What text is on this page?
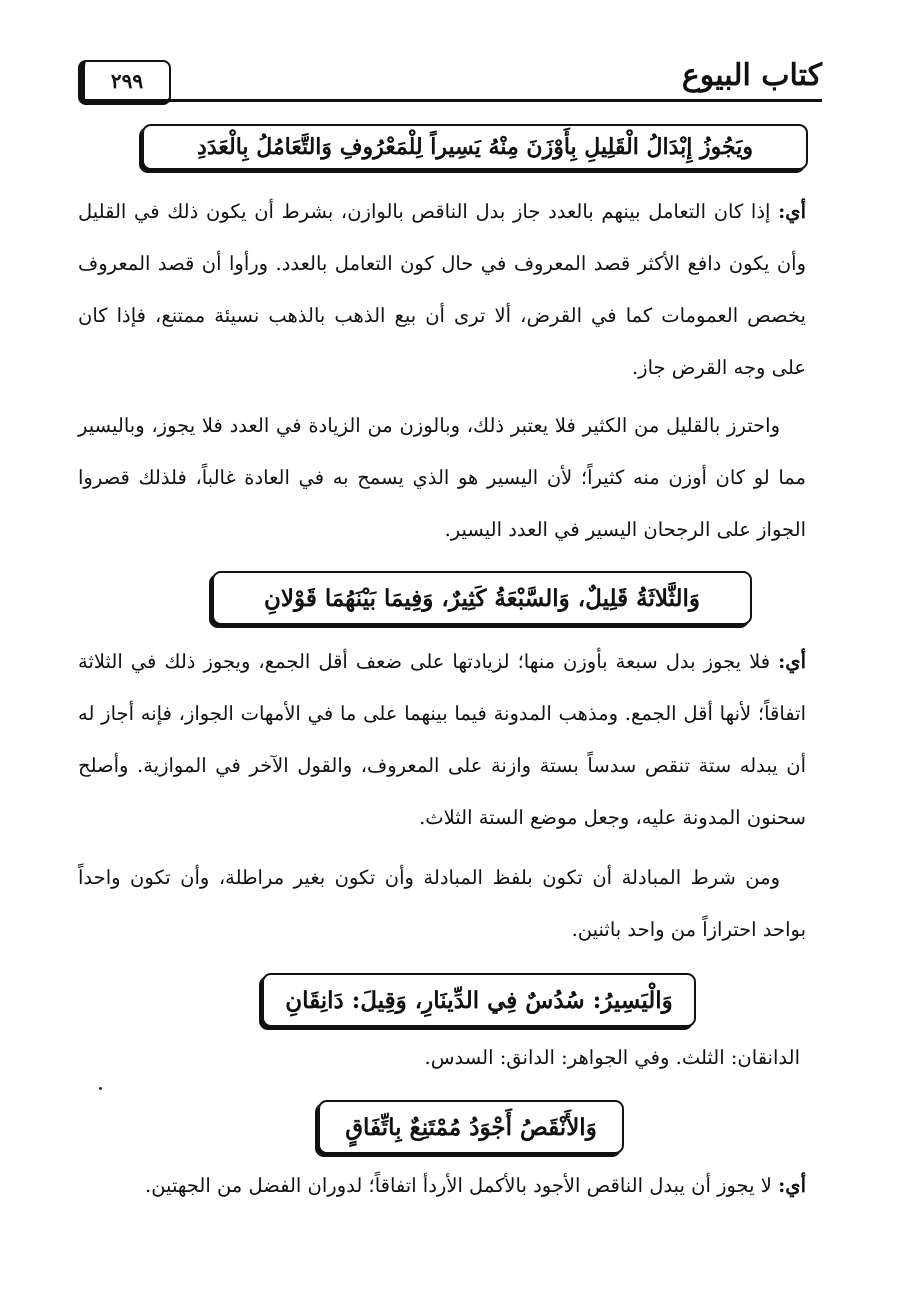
كتاب البيوع
٢٩٩
ويَجُوزُ إِبْدَالُ الْقَلِيلِ بِأَوْزَنَ مِنْهُ يَسِيراً لِلْمَعْرُوفِ وَالتَّعَامُلُ بِالْعَدَدِ
أي: إذا كان التعامل بينهم بالعدد جاز بدل الناقص بالوازن، بشرط أن يكون ذلك في القليل وأن يكون دافع الأكثر قصد المعروف في حال كون التعامل بالعدد. ورأوا أن قصد المعروف يخصص العمومات كما في القرض، ألا ترى أن بيع الذهب بالذهب نسيئة ممتنع، فإذا كان على وجه القرض جاز.
واحترز بالقليل من الكثير فلا يعتبر ذلك، وبالوزن من الزيادة في العدد فلا يجوز، وباليسير مما لو كان أوزن منه كثيراً؛ لأن اليسير هو الذي يسمح به في العادة غالباً، فلذلك قصروا الجواز على الرجحان اليسير في العدد اليسير.
وَالثَّلاثَةُ قَلِيلٌ، وَالسَّبْعَةُ كَثِيرٌ، وَفِيمَا بَيْنَهُمَا قَوْلانِ
أي: فلا يجوز بدل سبعة بأوزن منها؛ لزيادتها على ضعف أقل الجمع، ويجوز ذلك في الثلاثة اتفاقاً؛ لأنها أقل الجمع. ومذهب المدونة فيما بينهما على ما في الأمهات الجواز، فإنه أجاز له أن يبدله ستة تنقص سدساً بستة وازنة على المعروف، والقول الآخر في الموازية. وأصلح سحنون المدونة عليه، وجعل موضع الستة الثلاث.
ومن شرط المبادلة أن تكون بلفظ المبادلة وأن تكون بغير مراطلة، وأن تكون واحداً بواحد احترازاً من واحد باثنين.
وَالْيَسِيرُ: سُدُسٌ فِي الدِّينَارِ، وَقِيلَ: دَانِقَانِ
الدانقان: الثلث. وفي الجواهر: الدانق: السدس.
وَالأَنْقَصُ أَجْوَدُ مُمْتَنِعٌ بِاتِّفَاقٍ
أي: لا يجوز أن يبدل الناقص الأجود بالأكمل الأردأ اتفاقاً؛ لدوران الفضل من الجهتين.
